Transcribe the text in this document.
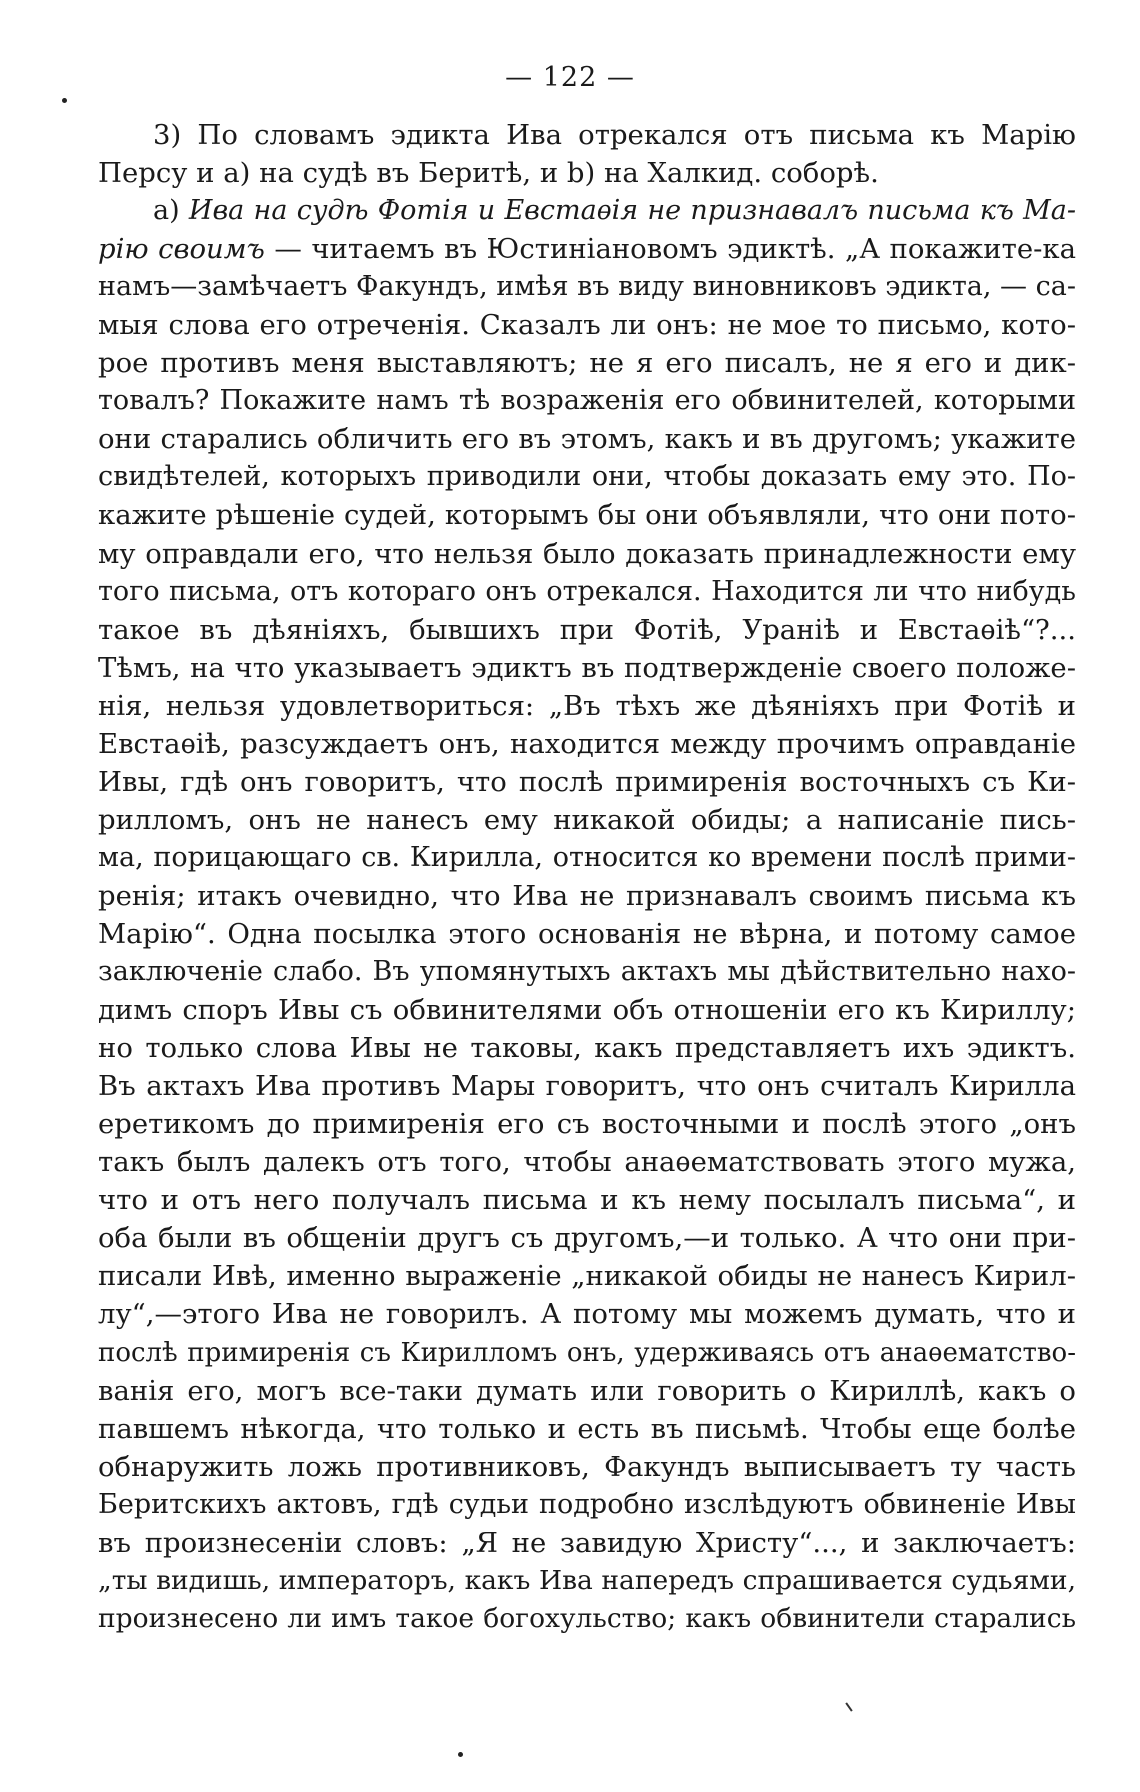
— 122 —
3) По словамъ эдикта Ива отрекался отъ письма къ Марію
Персу и а) на судѣ въ Беритѣ, и b) на Халкид. соборѣ.
а) Ива на судѣ Фотія и Евстаѳія не признавалъ письма къ Ма-
рію своимъ — читаемъ въ Юстиніановомъ эдиктѣ. „А покажите-ка
намъ—замѣчаетъ Факундъ, имѣя въ виду виновниковъ эдикта, — са-
мыя слова его отреченія. Сказалъ ли онъ: не мое то письмо, кото-
рое противъ меня выставляютъ; не я его писалъ, не я его и дик-
товалъ? Покажите намъ тѣ возраженія его обвинителей, которыми
они старались обличить его въ этомъ, какъ и въ другомъ; укажите
свидѣтелей, которыхъ приводили они, чтобы доказать ему это. По-
кажите рѣшеніе судей, которымъ бы они объявляли, что они пото-
му оправдали его, что нельзя было доказать принадлежности ему
того письма, отъ котораго онъ отрекался. Находится ли что нибудь
такое въ дѣяніяхъ, бывшихъ при Фотіѣ, Ураніѣ и Евстаѳіѣ“?...
Тѣмъ, на что указываетъ эдиктъ въ подтвержденіе своего положе-
нія, нельзя удовлетвориться: „Въ тѣхъ же дѣяніяхъ при Фотіѣ и
Евстаѳіѣ, разсуждаетъ онъ, находится между прочимъ оправданіе
Ивы, гдѣ онъ говоритъ, что послѣ примиренія восточныхъ съ Ки-
рилломъ, онъ не нанесъ ему никакой обиды; а написаніе пись-
ма, порицающаго св. Кирилла, относится ко времени послѣ прими-
ренія; итакъ очевидно, что Ива не признавалъ своимъ письма къ
Марію“. Одна посылка этого основанія не вѣрна, и потому самое
заключеніе слабо. Въ упомянутыхъ актахъ мы дѣйствительно нахо-
димъ споръ Ивы съ обвинителями объ отношеніи его къ Кириллу;
но только слова Ивы не таковы, какъ представляетъ ихъ эдиктъ.
Въ актахъ Ива противъ Мары говоритъ, что онъ считалъ Кирилла
еретикомъ до примиренія его съ восточными и послѣ этого „онъ
такъ былъ далекъ отъ того, чтобы анаѳематствовать этого мужа,
что и отъ него получалъ письма и къ нему посылалъ письма“, и
оба были въ общеніи другъ съ другомъ,—и только. А что они при-
писали Ивѣ, именно выраженіе „никакой обиды не нанесъ Кирил-
лу“,—этого Ива не говорилъ. А потому мы можемъ думать, что и
послѣ примиренія съ Кирилломъ онъ, удерживаясь отъ анаѳематство-
ванія его, могъ все-таки думать или говорить о Кириллѣ, какъ о
павшемъ нѣкогда, что только и есть въ письмѣ. Чтобы еще болѣе
обнаружить ложь противниковъ, Факундъ выписываетъ ту часть
Беритскихъ актовъ, гдѣ судьи подробно изслѣдуютъ обвиненіе Ивы
въ произнесеніи словъ: „Я не завидую Христу“..., и заключаетъ:
„ты видишь, императоръ, какъ Ива напередъ спрашивается судьями,
произнесено ли имъ такое богохульство; какъ обвинители старались
